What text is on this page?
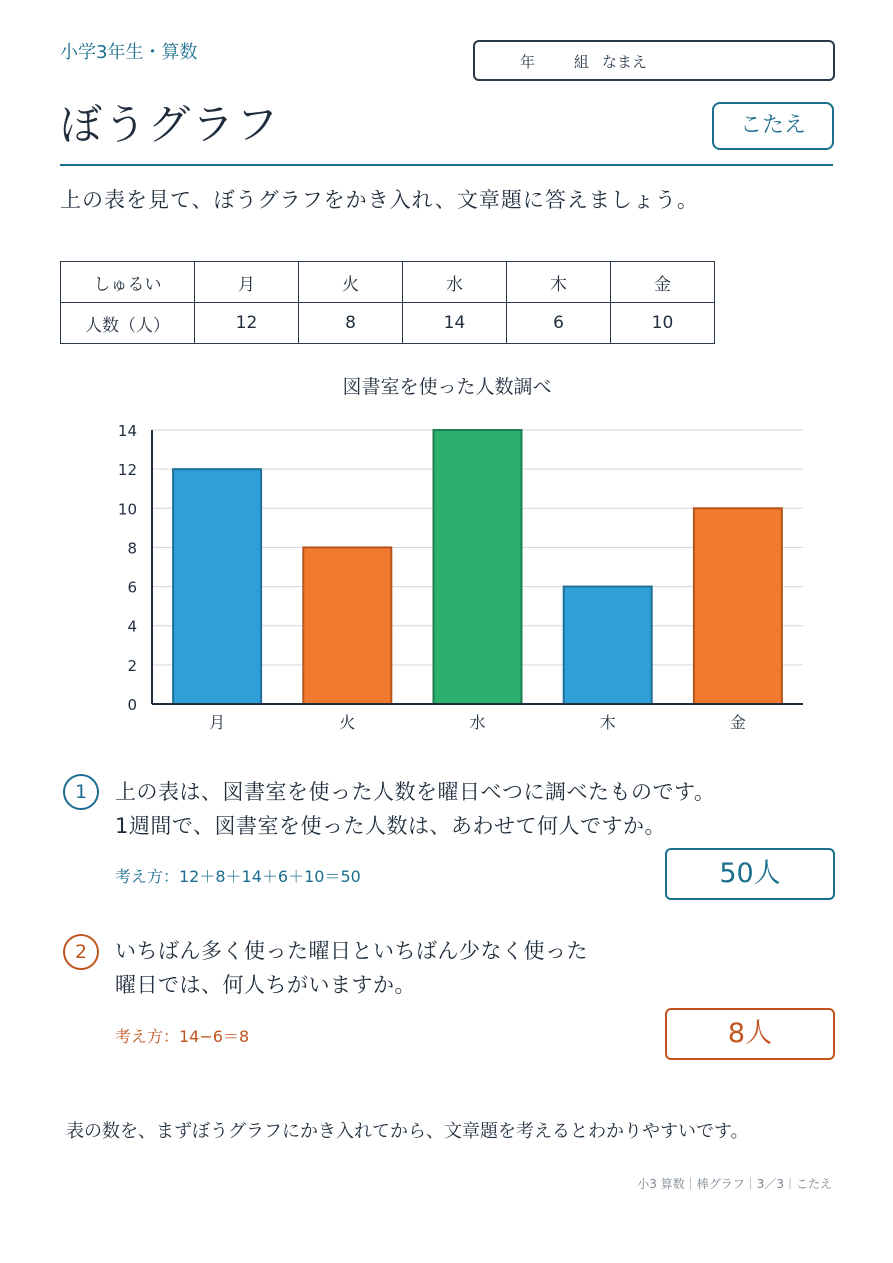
小学3年生・算数	年	組 なまえ
ぼうグラフ	こたえ
上の表を見て、ぼうグラフをかき入れ、文章題に答えましょう。
しゅるい	月	火	水	木	金
人数（人）	12	8	14	6	10
図書室を使った人数調べ
0
2
4
6
8
10
12
14
月	火	水	木	金
1	上の表は、図書室を使った人数を曜日べつに調べたものです。
1週間で、図書室を使った人数は、あわせて何人ですか。
考え方：12＋8＋14＋6＋10＝50	50人
2	いちばん多く使った曜日といちばん少なく使った
曜日では、何人ちがいますか。
考え方：14−6＝8	8人
表の数を、まずぼうグラフにかき入れてから、文章題を考えるとわかりやすいです。
小3 算数｜棒グラフ｜3／3｜こたえ
